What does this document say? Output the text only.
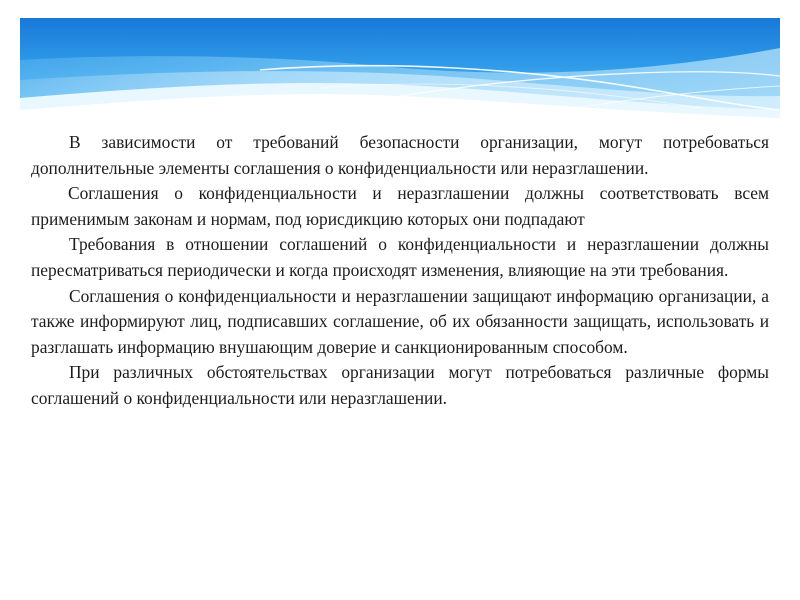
В зависимости от требований безопасности организации, могут потребоваться дополнительные элементы соглашения о конфиденциальности или неразглашении.

Соглашения о конфиденциальности и неразглашении должны соответствовать всем применимым законам и нормам, под юрисдикцию которых они подпадают

Требования в отношении соглашений о конфиденциальности и неразглашении должны пересматриваться периодически и когда происходят изменения, влияющие на эти требования.

Соглашения о конфиденциальности и неразглашении защищают информацию организации, а также информируют лиц, подписавших соглашение, об их обязанности защищать, использовать и разглашать информацию внушающим доверие и санкционированным способом.

При различных обстоятельствах организации могут потребоваться различные формы соглашений о конфиденциальности или неразглашении.
